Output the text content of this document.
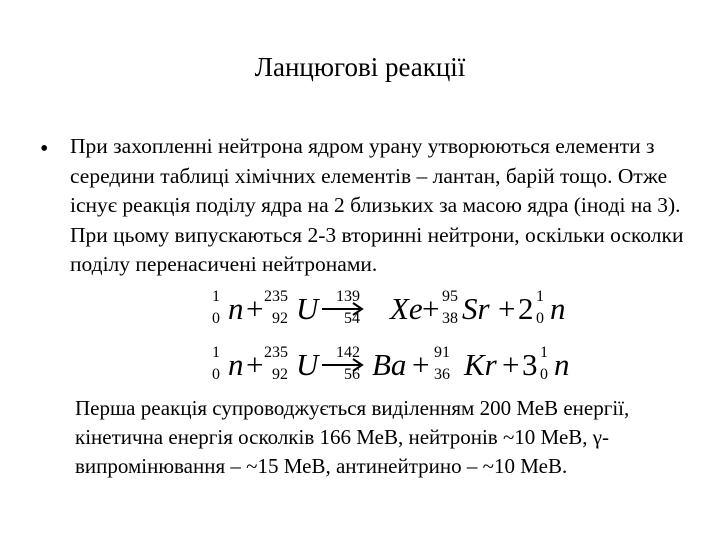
Ланцюгові реакції
• При захопленні нейтрона ядром урану утворюються елементи з середини таблиці хімічних елементів – лантан, барій тощо. Отже існує реакція поділу ядра на 2 близьких за масою ядра (іноді на 3). При цьому випускаються 2-3 вторинні нейтрони, оскільки осколки поділу перенасичені нейтронами.

1
0 n + 235
92 U →
139
54 Xe + 95
38 Sr + 2 1
0 n
1
0 n + 235
92 U →
142
56 Ba + 91
36 Kr + 3 1
0 n

Перша реакція супроводжується виділенням 200 МеВ енергії, кінетична енергія осколків 166 МеВ, нейтронів ~10 МеВ, γ-випромінювання – ~15 МеВ, антинейтрино – ~10 МеВ.
